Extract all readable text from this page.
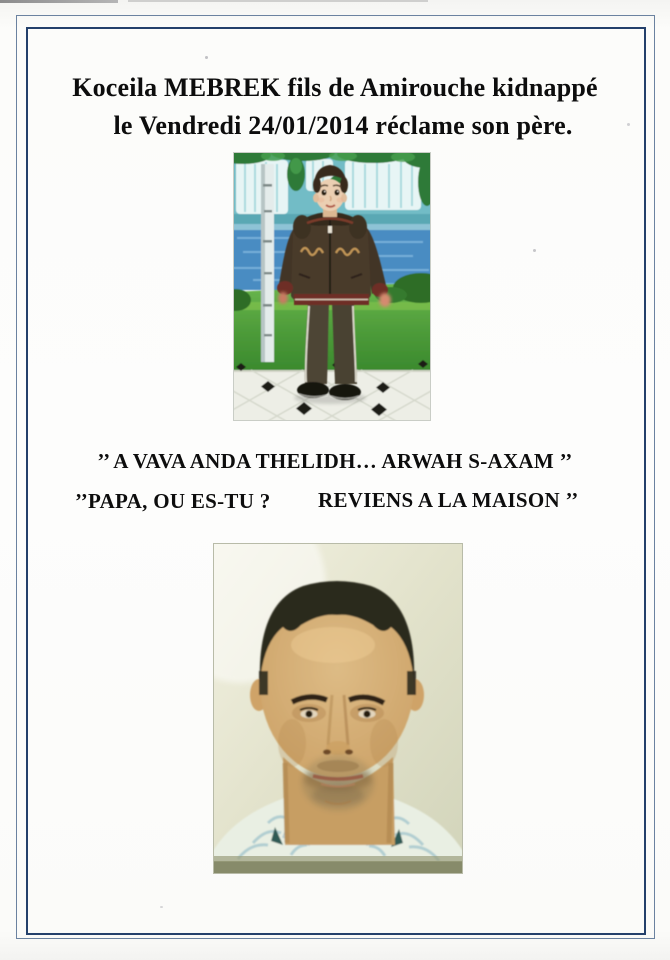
Koceila MEBREK fils de Amirouche kidnappé
le Vendredi 24/01/2014 réclame son père.
’’ A VAVA ANDA THELIDH… ARWAH S-AXAM ’’
’’PAPA, OU ES-TU ? REVIENS A LA MAISON ’’
